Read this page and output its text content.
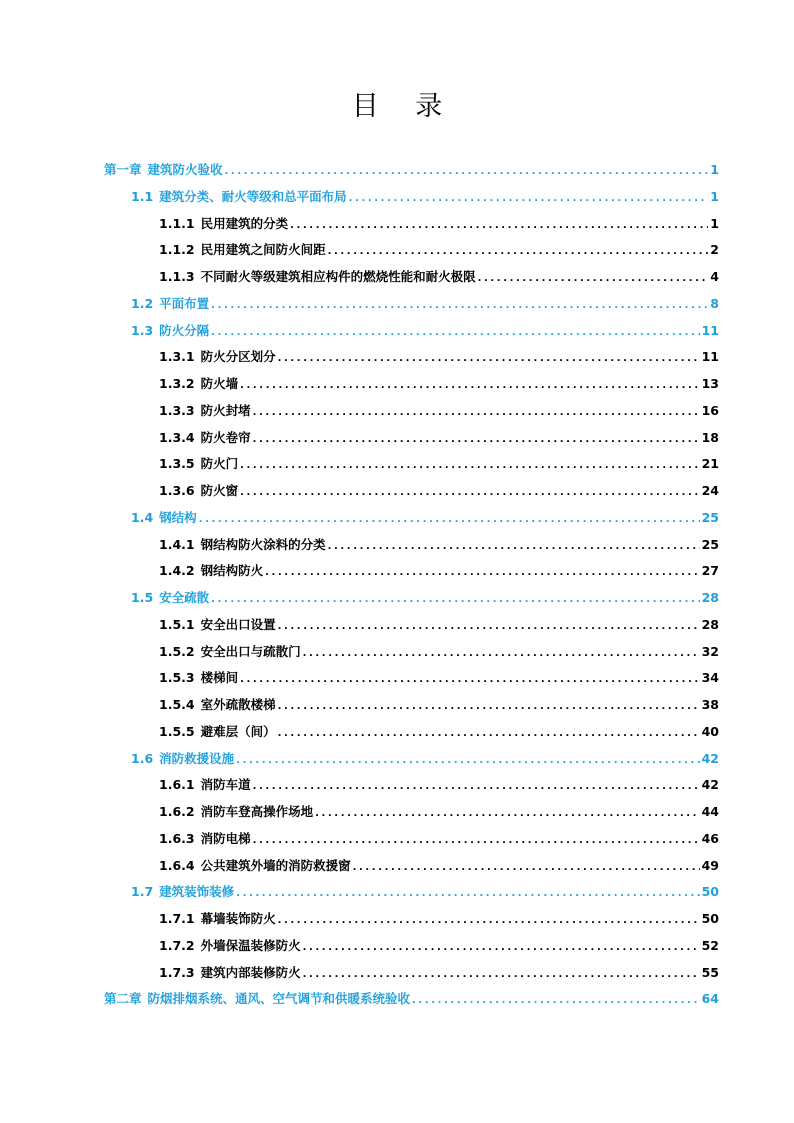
目 录
第一章 建筑防火验收 .....	1
1.1 建筑分类、耐火等级和总平面布局 .....	1
1.1.1 民用建筑的分类 .....	1
1.1.2 民用建筑之间防火间距 .....	2
1.1.3 不同耐火等级建筑相应构件的燃烧性能和耐火极限 .....	4
1.2 平面布置 .....	8
1.3 防火分隔 .....	11
1.3.1 防火分区划分 .....	11
1.3.2 防火墙 .....	13
1.3.3 防火封堵 .....	16
1.3.4 防火卷帘 .....	18
1.3.5 防火门 .....	21
1.3.6 防火窗 .....	24
1.4 钢结构 .....	25
1.4.1 钢结构防火涂料的分类 .....	25
1.4.2 钢结构防火 .....	27
1.5 安全疏散 .....	28
1.5.1 安全出口设置 .....	28
1.5.2 安全出口与疏散门 .....	32
1.5.3 楼梯间 .....	34
1.5.4 室外疏散楼梯 .....	38
1.5.5 避难层（间） .....	40
1.6 消防救援设施 .....	42
1.6.1 消防车道 .....	42
1.6.2 消防车登高操作场地 .....	44
1.6.3 消防电梯 .....	46
1.6.4 公共建筑外墙的消防救援窗 .....	49
1.7 建筑装饰装修 .....	50
1.7.1 幕墙装饰防火 .....	50
1.7.2 外墙保温装修防火 .....	52
1.7.3 建筑内部装修防火 .....	55
第二章 防烟排烟系统、通风、空气调节和供暖系统验收 .....	64
